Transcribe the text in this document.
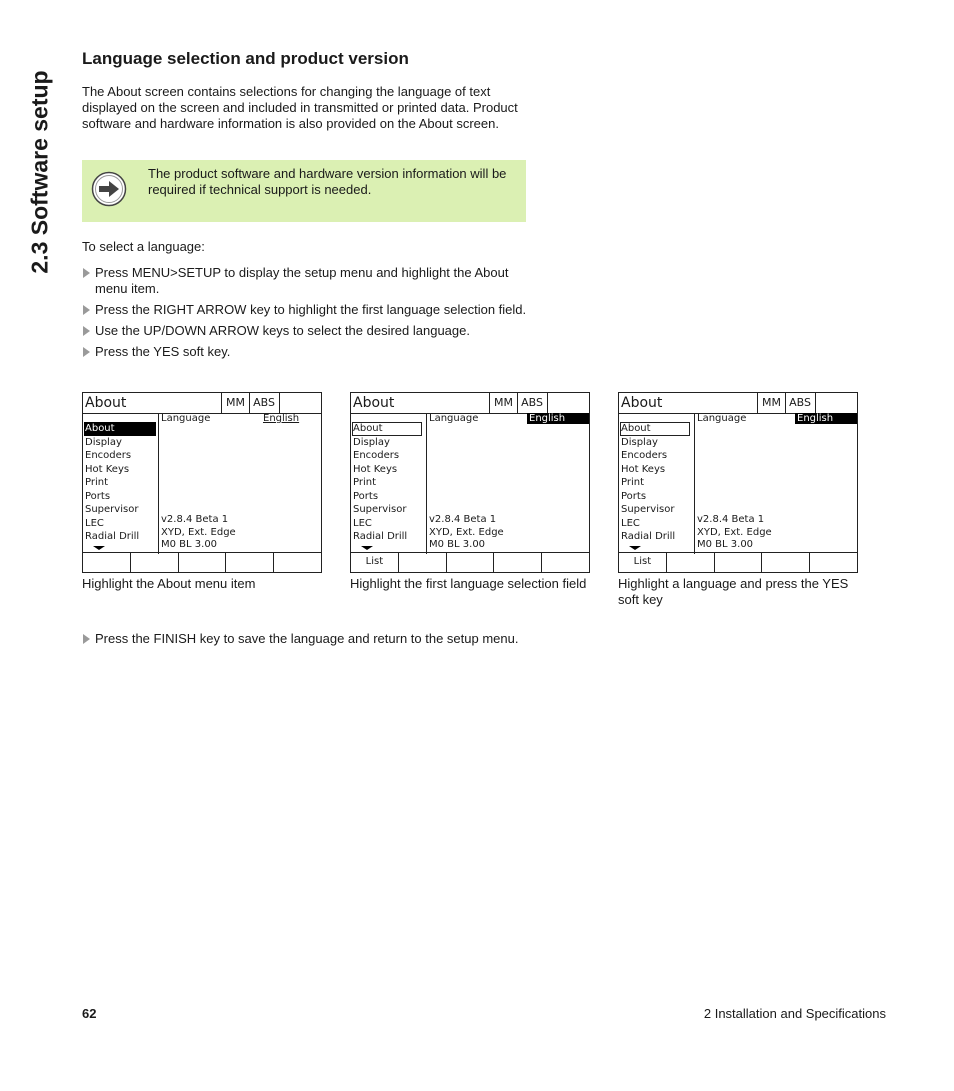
2.3 Software setup
Language selection and product version

The About screen contains selections for changing the language of text displayed on the screen and included in transmitted or printed data. Product software and hardware information is also provided on the About screen.

The product software and hardware version information will be required if technical support is needed.
To select a language:
Press MENU>SETUP to display the setup menu and highlight the About menu item.
Press the RIGHT ARROW key to highlight the first language selection field.
Use the UP/DOWN ARROW keys to select the desired language.
Press the YES soft key.
About	MM ABS
About
Display
Encoders
Hot Keys
Print
Ports
Supervisor
LEC
Radial Drill
Language	English
v2.8.4 Beta 1
XYD, Ext. Edge
M0 BL 3.00
Highlight the About menu item
About	MM ABS
About
Display
Encoders
Hot Keys
Print
Ports
Supervisor
LEC
Radial Drill
Language	English
v2.8.4 Beta 1
XYD, Ext. Edge
M0 BL 3.00
List
Highlight the first language selection field
About	MM ABS
About
Display
Encoders
Hot Keys
Print
Ports
Supervisor
LEC
Radial Drill
Language	English
v2.8.4 Beta 1
XYD, Ext. Edge
M0 BL 3.00
List
Highlight a language and press the YES soft key
Press the FINISH key to save the language and return to the setup menu.
62	2 Installation and Specifications
